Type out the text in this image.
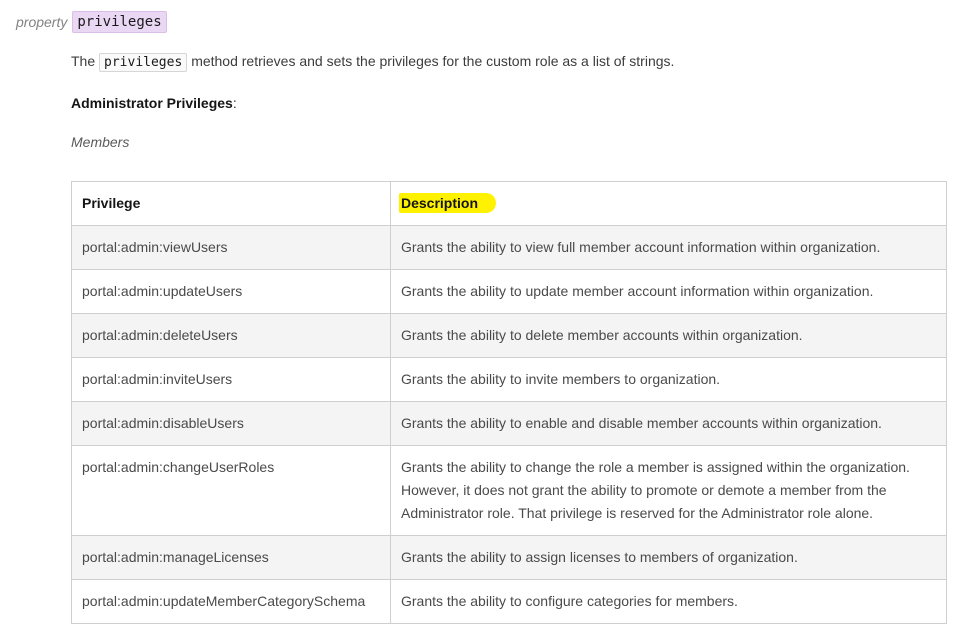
property privileges

The privileges method retrieves and sets the privileges for the custom role as a list of strings.

Administrator Privileges:

Members

Privilege	Description
portal:admin:viewUsers	Grants the ability to view full member account information within organization.
portal:admin:updateUsers	Grants the ability to update member account information within organization.
portal:admin:deleteUsers	Grants the ability to delete member accounts within organization.
portal:admin:inviteUsers	Grants the ability to invite members to organization.
portal:admin:disableUsers	Grants the ability to enable and disable member accounts within organization.
portal:admin:changeUserRoles	Grants the ability to change the role a member is assigned within the organization. However, it does not grant the ability to promote or demote a member from the Administrator role. That privilege is reserved for the Administrator role alone.
portal:admin:manageLicenses	Grants the ability to assign licenses to members of organization.
portal:admin:updateMemberCategorySchema	Grants the ability to configure categories for members.
